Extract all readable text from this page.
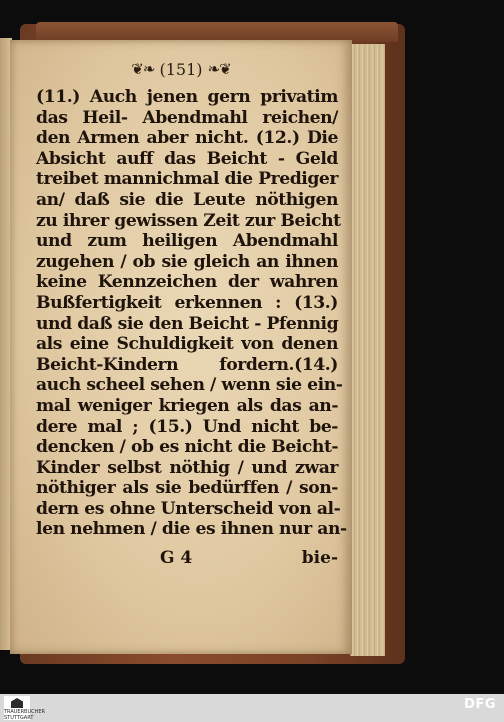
❦❧ (151) ❧❦
(11.) Auch jenen gern privatim
das Heil- Abendmahl reichen/
den Armen aber nicht. (12.) Die
Absicht auff das Beicht - Geld
treibet mannichmal die Prediger
an/ daß sie die Leute nöthigen
zu ihrer gewissen Zeit zur Beicht
und zum heiligen Abendmahl
zugehen / ob sie gleich an ihnen
keine Kennzeichen der wahren
Bußfertigkeit erkennen : (13.)
und daß sie den Beicht - Pfennig
als eine Schuldigkeit von denen
Beicht-Kindern fordern.(14.)
auch scheel sehen / wenn sie ein-
mal weniger kriegen als das an-
dere mal ; (15.) Und nicht be-
dencken / ob es nicht die Beicht-
Kinder selbst nöthig / und zwar
nöthiger als sie bedürffen / son-
dern es ohne Unterscheid von al-
len nehmen / die es ihnen nur an-
G 4	bie-
TRAUERBUCHER STUTTGART
DFG
